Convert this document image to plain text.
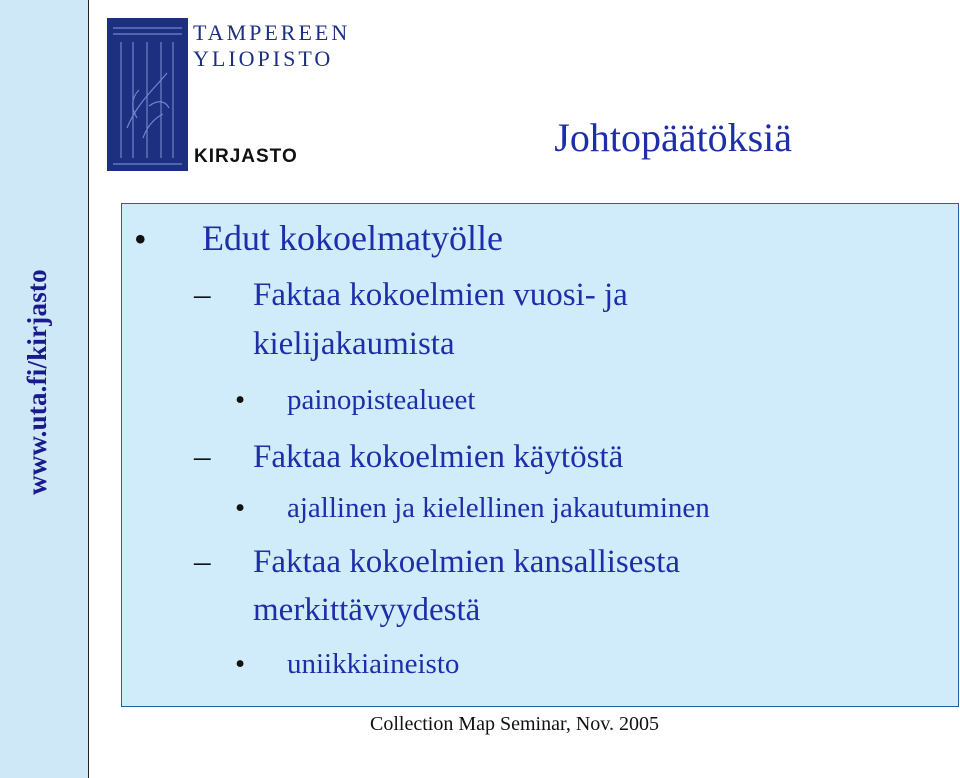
www.uta.fi/kirjasto
TAMPEREEN
YLIOPISTO
KIRJASTO	Johtopäätöksiä
• Edut kokoelmatyölle
– Faktaa kokoelmien vuosi- ja
kielijakaumista
• painopistealueet
– Faktaa kokoelmien käytöstä
• ajallinen ja kielellinen jakautuminen
– Faktaa kokoelmien kansallisesta
merkittävyydestä
• uniikkiaineisto
Collection Map Seminar, Nov. 2005
